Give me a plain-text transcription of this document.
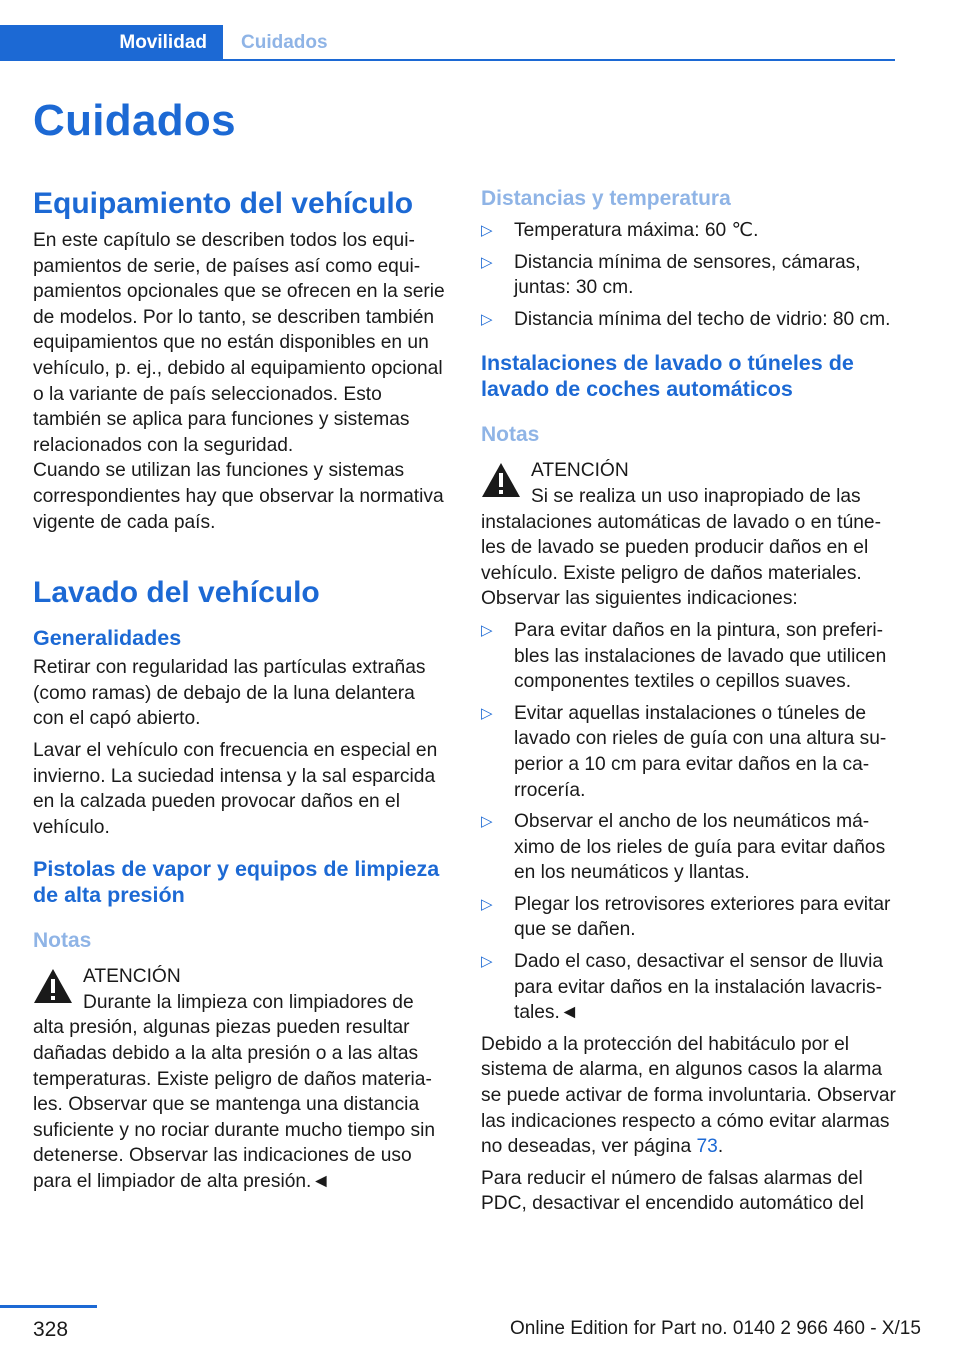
Movilidad	Cuidados
Cuidados
Equipamiento del vehículo

En este capítulo se describen todos los equipamientos de serie, de países así como equipamientos opcionales que se ofrecen en la serie de modelos. Por lo tanto, se describen también equipamientos que no están disponibles en un vehículo, p. ej., debido al equipamiento opcional o la variante de país seleccionados. Esto también se aplica para funciones y sistemas relacionados con la seguridad.

Cuando se utilizan las funciones y sistemas correspondientes hay que observar la normativa vigente de cada país.

Lavado del vehículo
Generalidades

Retirar con regularidad las partículas extrañas (como ramas) de debajo de la luna delantera con el capó abierto.

Lavar el vehículo con frecuencia en especial en invierno. La suciedad intensa y la sal esparcida en la calzada pueden provocar daños en el vehículo.

Pistolas de vapor y equipos de limpieza de alta presión
Notas
ATENCIÓN
Durante la limpieza con limpiadores de
alta presión, algunas piezas pueden resultar dañadas debido a la alta presión o a las altas temperaturas. Existe peligro de daños materiales. Observar que se mantenga una distancia suficiente y no rociar durante mucho tiempo sin detenerse. Observar las indicaciones de uso para el limpiador de alta presión.◄
Distancias y temperatura
▷ Temperatura máxima: 60 ℃.
▷ Distancia mínima de sensores, cámaras, juntas: 30 cm.
▷ Distancia mínima del techo de vidrio: 80 cm.
Instalaciones de lavado o túneles de lavado de coches automáticos
Notas
ATENCIÓN
Si se realiza un uso inapropiado de las
instalaciones automáticas de lavado o en túneles de lavado se pueden producir daños en el vehículo. Existe peligro de daños materiales. Observar las siguientes indicaciones:
▷ Para evitar daños en la pintura, son preferibles las instalaciones de lavado que utilicen componentes textiles o cepillos suaves.
▷ Evitar aquellas instalaciones o túneles de lavado con rieles de guía con una altura superior a 10 cm para evitar daños en la carrocería.
▷ Observar el ancho de los neumáticos máximo de los rieles de guía para evitar daños en los neumáticos y llantas.
▷ Plegar los retrovisores exteriores para evitar que se dañen.
▷ Dado el caso, desactivar el sensor de lluvia para evitar daños en la instalación lavacristales.◄

Debido a la protección del habitáculo por el sistema de alarma, en algunos casos la alarma se puede activar de forma involuntaria. Observar las indicaciones respecto a cómo evitar alarmas no deseadas, ver página 73.

Para reducir el número de falsas alarmas del PDC, desactivar el encendido automático del

328	Online Edition for Part no. 0140 2 966 460 - X/15
